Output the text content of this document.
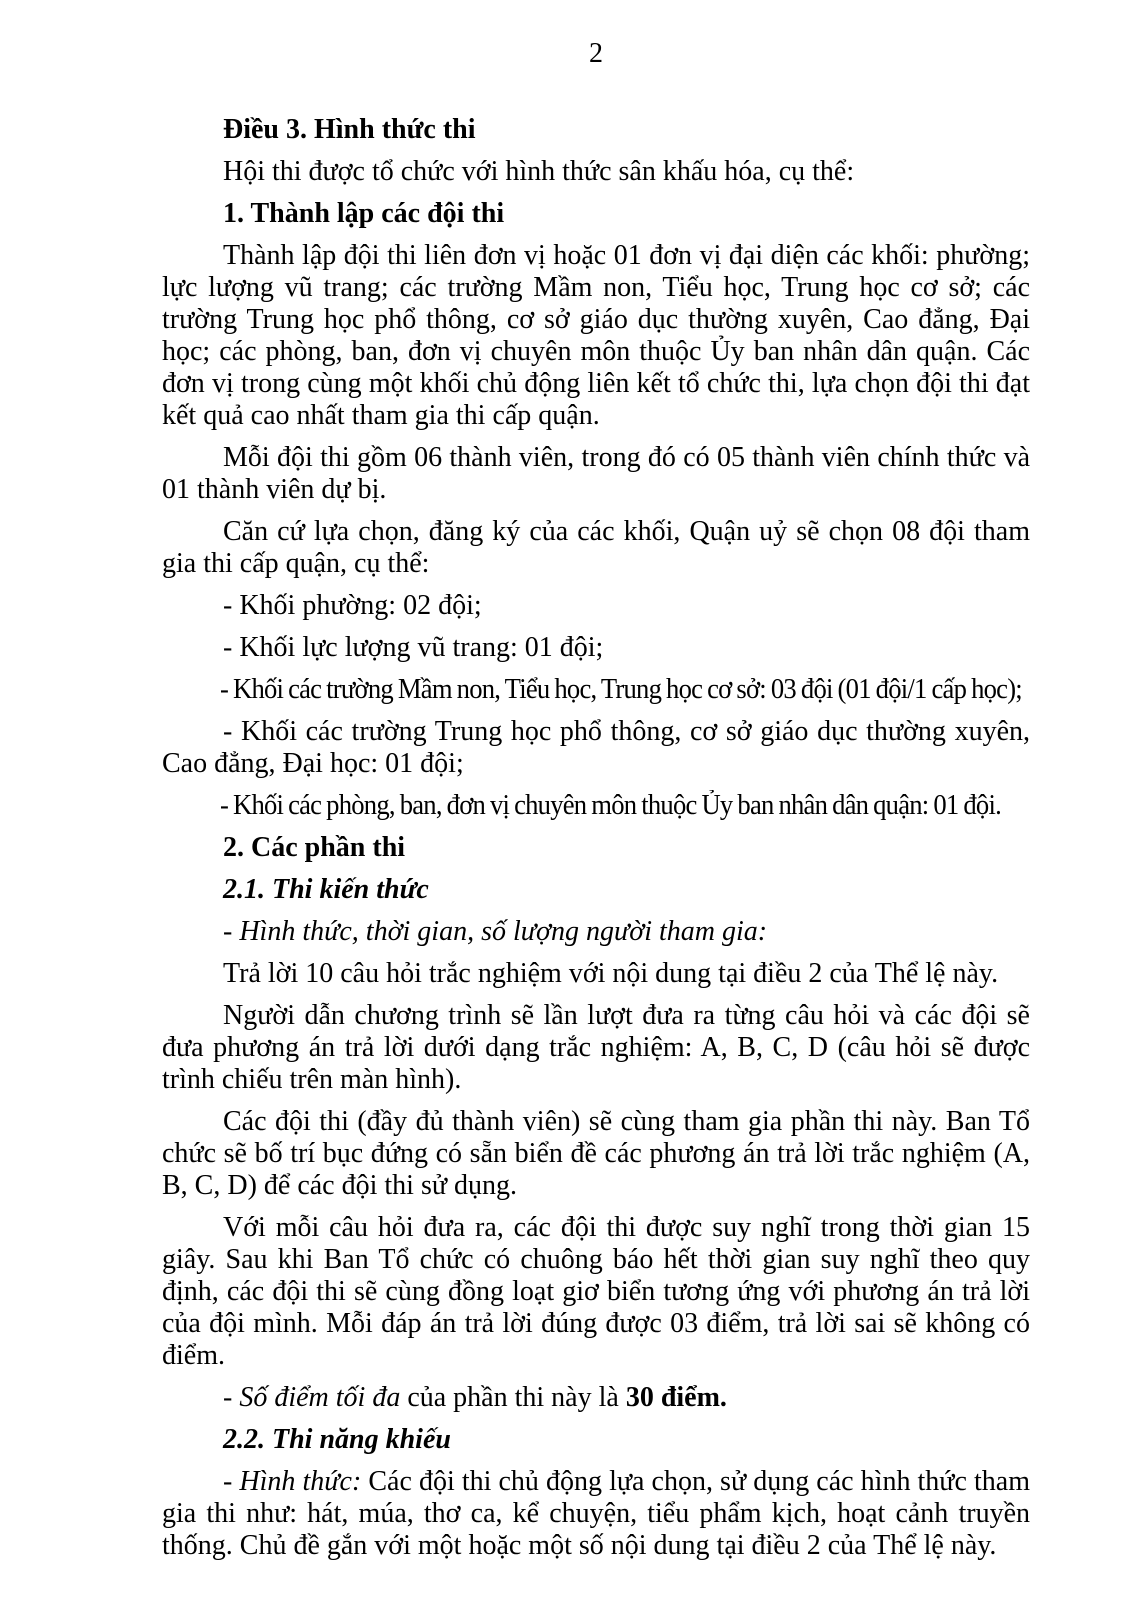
2

Điều 3. Hình thức thi

Hội thi được tổ chức với hình thức sân khấu hóa, cụ thể:

1. Thành lập các đội thi

Thành lập đội thi liên đơn vị hoặc 01 đơn vị đại diện các khối: phường; lực lượng vũ trang; các trường Mầm non, Tiểu học, Trung học cơ sở; các trường Trung học phổ thông, cơ sở giáo dục thường xuyên, Cao đẳng, Đại học; các phòng, ban, đơn vị chuyên môn thuộc Ủy ban nhân dân quận. Các đơn vị trong cùng một khối chủ động liên kết tổ chức thi, lựa chọn đội thi đạt kết quả cao nhất tham gia thi cấp quận.

Mỗi đội thi gồm 06 thành viên, trong đó có 05 thành viên chính thức và 01 thành viên dự bị.

Căn cứ lựa chọn, đăng ký của các khối, Quận uỷ sẽ chọn 08 đội tham gia thi cấp quận, cụ thể:

- Khối phường: 02 đội;

- Khối lực lượng vũ trang: 01 đội;

- Khối các trường Mầm non, Tiểu học, Trung học cơ sở: 03 đội (01 đội/1 cấp học);

- Khối các trường Trung học phổ thông, cơ sở giáo dục thường xuyên, Cao đẳng, Đại học: 01 đội;

- Khối các phòng, ban, đơn vị chuyên môn thuộc Ủy ban nhân dân quận: 01 đội.

2. Các phần thi

2.1. Thi kiến thức

- Hình thức, thời gian, số lượng người tham gia:

Trả lời 10 câu hỏi trắc nghiệm với nội dung tại điều 2 của Thể lệ này.

Người dẫn chương trình sẽ lần lượt đưa ra từng câu hỏi và các đội sẽ đưa phương án trả lời dưới dạng trắc nghiệm: A, B, C, D (câu hỏi sẽ được trình chiếu trên màn hình).

Các đội thi (đầy đủ thành viên) sẽ cùng tham gia phần thi này. Ban Tổ chức sẽ bố trí bục đứng có sẵn biển đề các phương án trả lời trắc nghiệm (A, B, C, D) để các đội thi sử dụng.

Với mỗi câu hỏi đưa ra, các đội thi được suy nghĩ trong thời gian 15 giây. Sau khi Ban Tổ chức có chuông báo hết thời gian suy nghĩ theo quy định, các đội thi sẽ cùng đồng loạt giơ biển tương ứng với phương án trả lời của đội mình. Mỗi đáp án trả lời đúng được 03 điểm, trả lời sai sẽ không có điểm.

- Số điểm tối đa của phần thi này là 30 điểm.

2.2. Thi năng khiếu

- Hình thức: Các đội thi chủ động lựa chọn, sử dụng các hình thức tham gia thi như: hát, múa, thơ ca, kể chuyện, tiểu phẩm kịch, hoạt cảnh truyền thống. Chủ đề gắn với một hoặc một số nội dung tại điều 2 của Thể lệ này.
